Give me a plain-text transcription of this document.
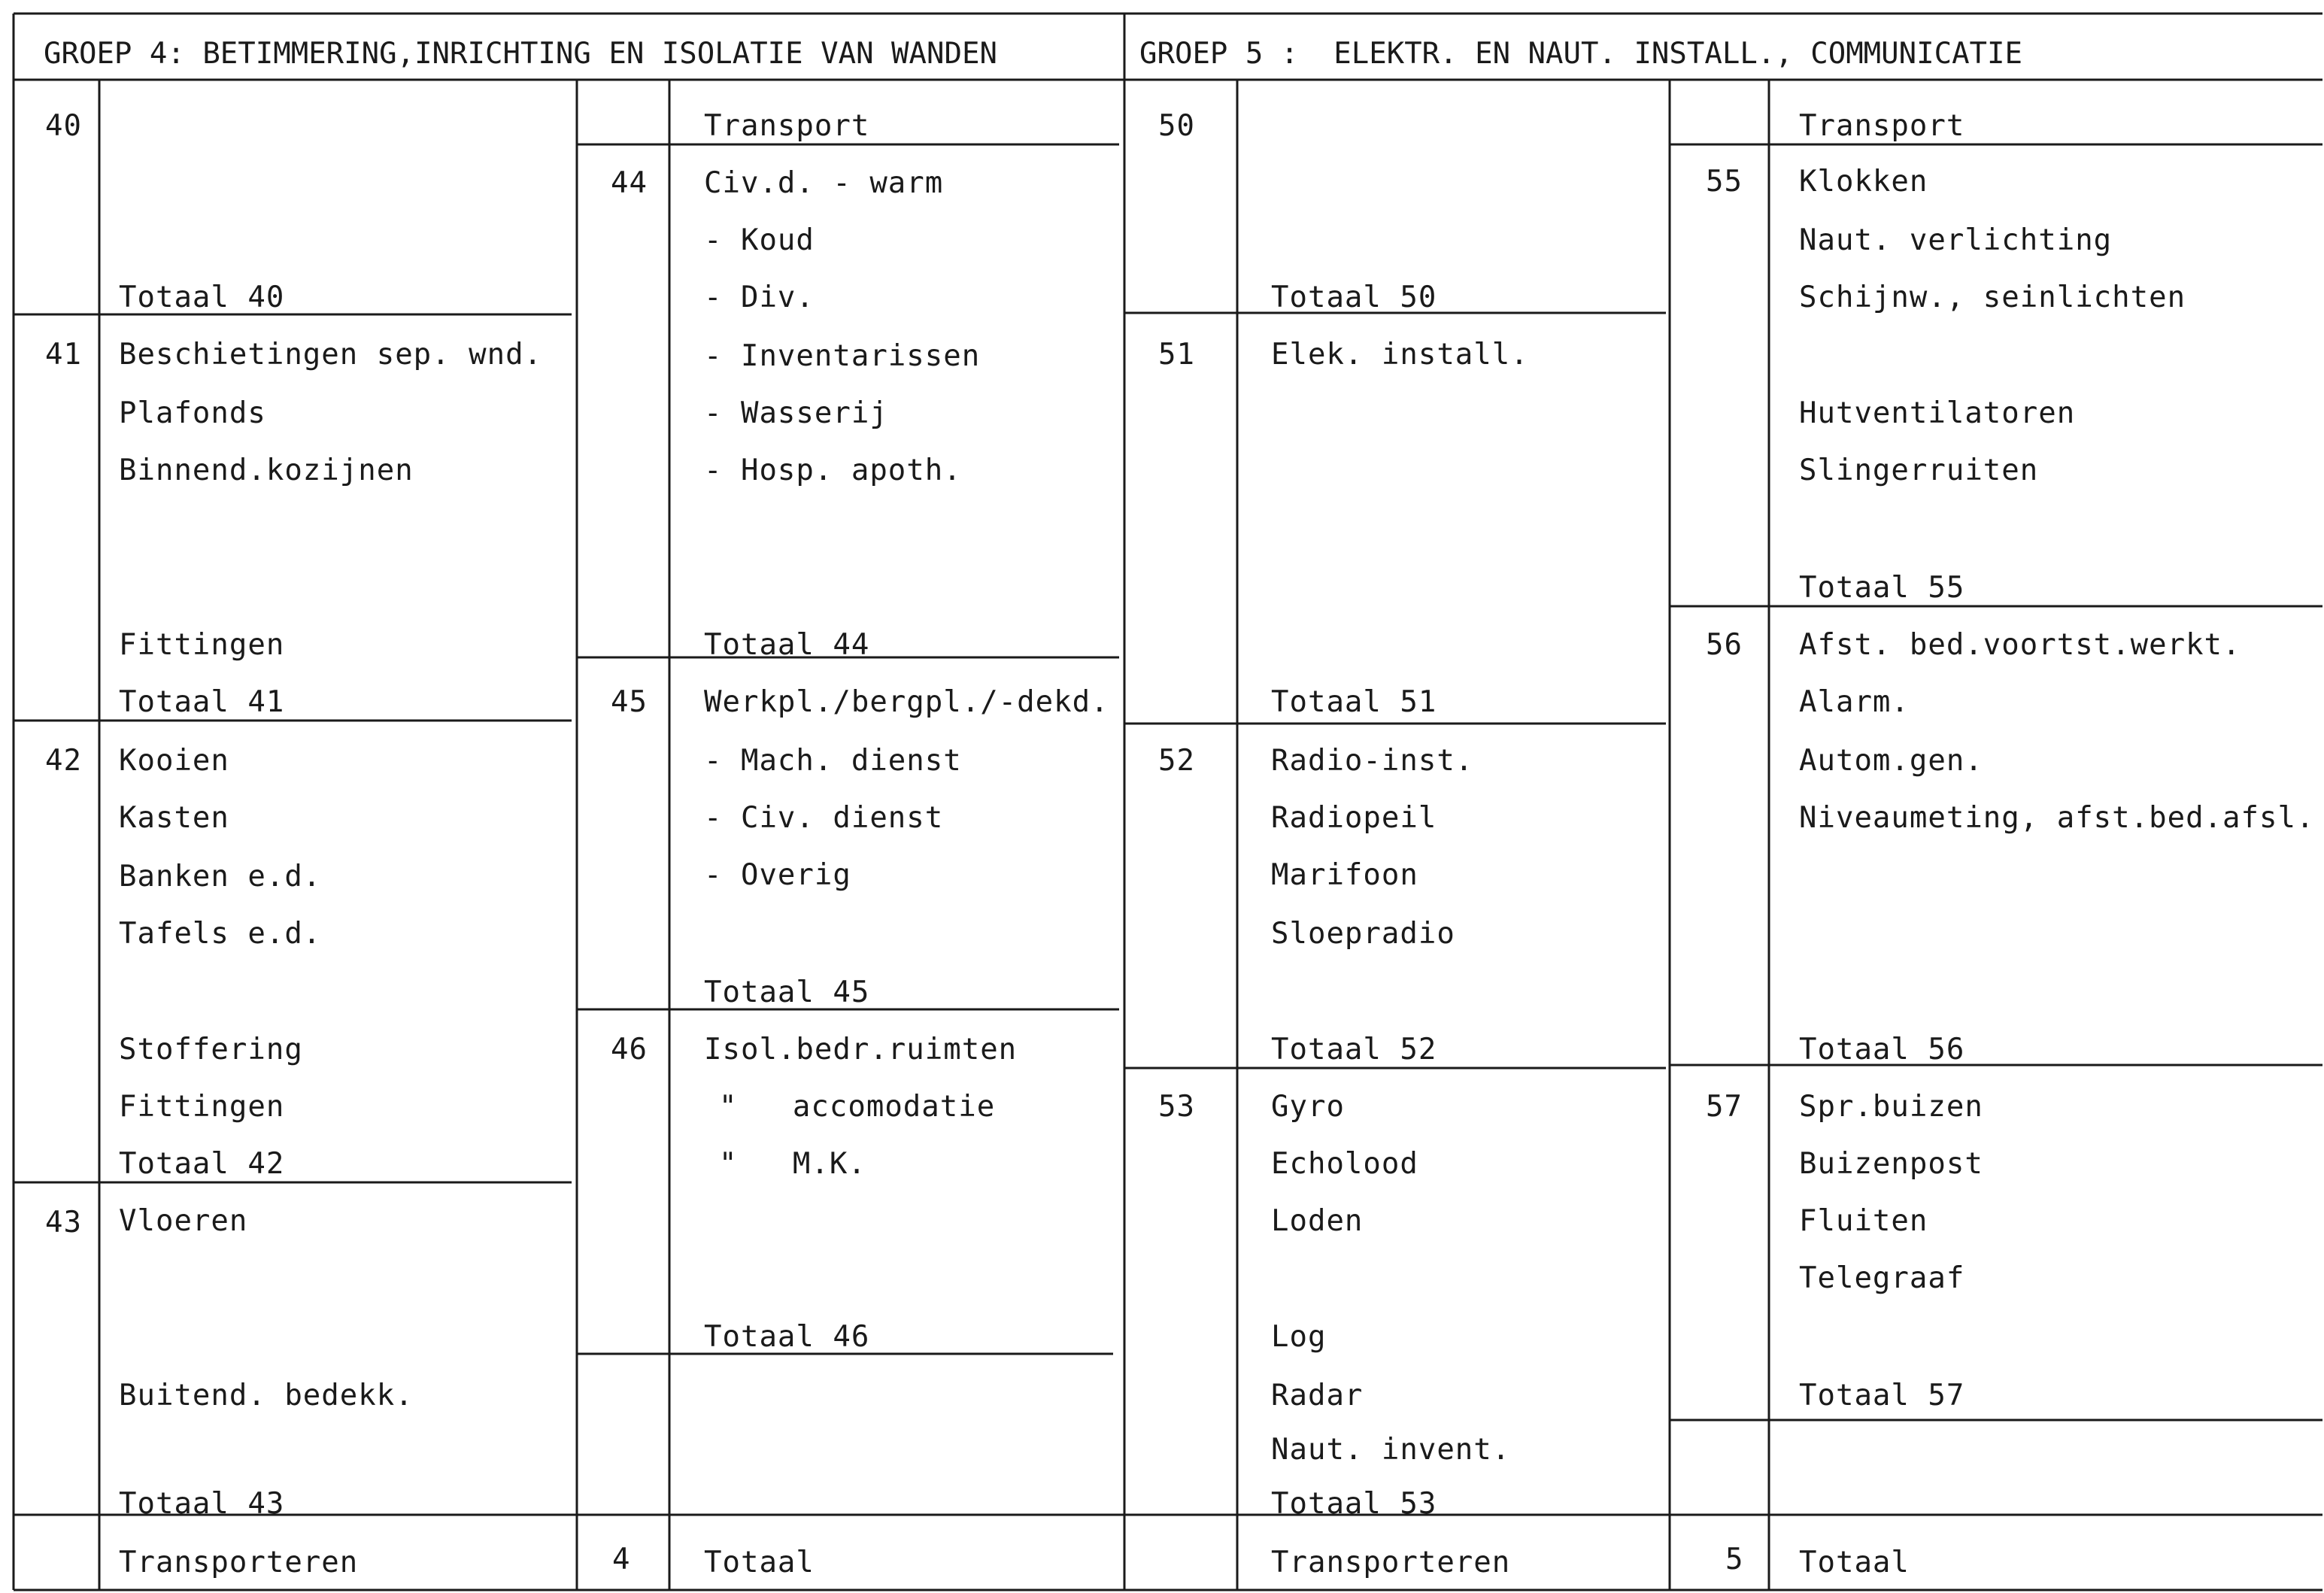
GROEP 4: BETIMMERING,INRICHTING EN ISOLATIE VAN WANDEN	GROEP 5 :  ELEKTR. EN NAUT. INSTALL., COMMUNICATIE
40
Totaal 40
41 Beschietingen sep. wnd.
Plafonds
Binnend.kozijnen
Fittingen
Totaal 41
42 Kooien
Kasten
Banken e.d.
Tafels e.d.
Stoffering
Fittingen
Totaal 42
43 Vloeren
Buitend. bedekk.
Totaal 43
Transport
44 Civ.d. - warm
- Koud
- Div.
- Inventarissen
- Wasserij
- Hosp. apoth.
Totaal 44
45 Werkpl./bergpl./-dekd.
- Mach. dienst
- Civ. dienst
- Overig
Totaal 45
46 Isol.bedr.ruimten
"   accomodatie
"   M.K.
Totaal 46
Transporteren	4	Totaal
50
Totaal 50
51	Elek. install.
Totaal 51
52	Radio-inst.
Radiopeil
Marifoon
Sloepradio
Totaal 52
53	Gyro
Echolood
Loden
Log
Radar
Naut. invent.
Totaal 53
Transport
55 Klokken
Naut. verlichting
Schijnw., seinlichten
Hutventilatoren
Slingerruiten
Totaal 55
56 Afst. bed.voortst.werkt.
Alarm.
Autom.gen.
Niveaumeting, afst.bed.afsl.
Totaal 56
57 Spr.buizen
Buizenpost
Fluiten
Telegraaf
Totaal 57
Transporteren	5 Totaal
